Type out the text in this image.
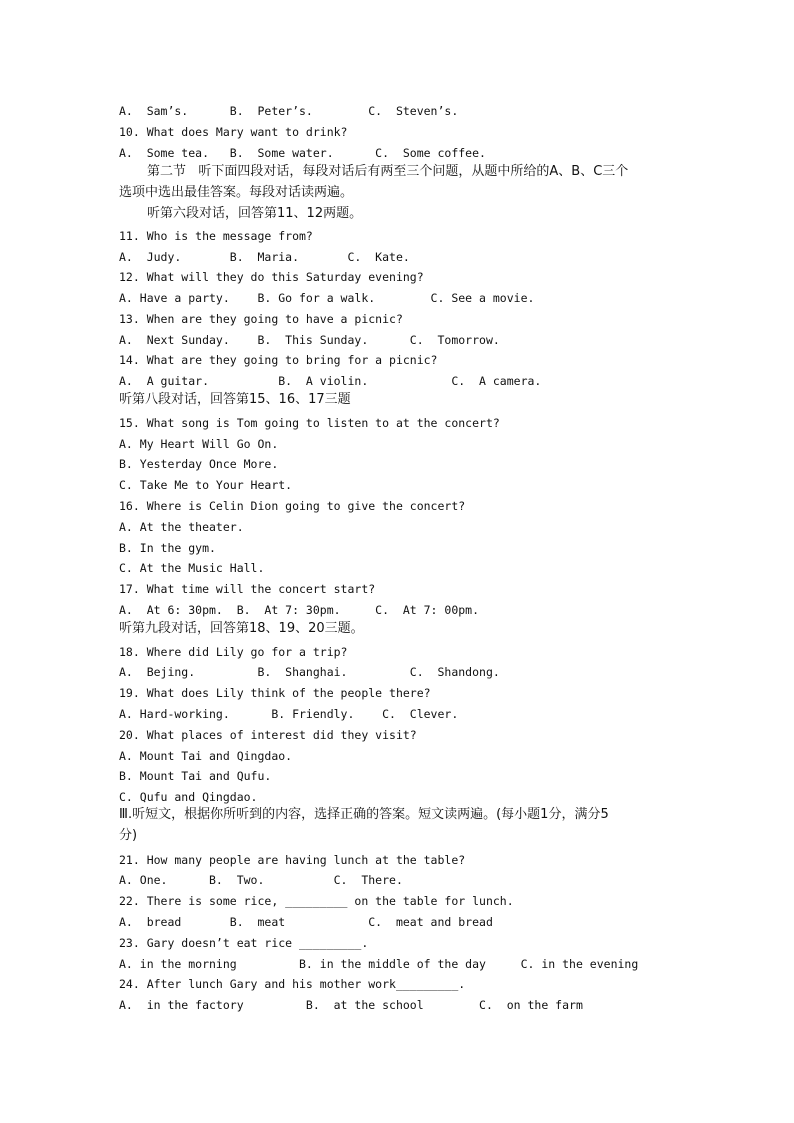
A.  Sam’s.      B.  Peter’s.        C.  Steven’s.
10. What does Mary want to drink?
A.  Some tea.   B.  Some water.      C.  Some coffee.
第二节   听下面四段对话，每段对话后有两至三个问题，从题中所给的A、B、C三个
选项中选出最佳答案。每段对话读两遍。
听第六段对话，回答第11、12两题。
11. Who is the message from?
A.  Judy.       B.  Maria.       C.  Kate.
12. What will they do this Saturday evening?
A. Have a party.    B. Go for a walk.        C. See a movie.
13. When are they going to have a picnic?
A.  Next Sunday.    B.  This Sunday.      C.  Tomorrow.
14. What are they going to bring for a picnic?
A.  A guitar.          B.  A violin.            C.  A camera.
听第八段对话，回答第15、16、17三题
15. What song is Tom going to listen to at the concert?
A. My Heart Will Go On.
B. Yesterday Once More.
C. Take Me to Your Heart.
16. Where is Celin Dion going to give the concert?
A. At the theater.
B. In the gym.
C. At the Music Hall.
17. What time will the concert start?
A.  At 6: 30pm.  B.  At 7: 30pm.     C.  At 7: 00pm.
听第九段对话，回答第18、19、20三题。
18. Where did Lily go for a trip?
A.  Bejing.         B.  Shanghai.         C.  Shandong.
19. What does Lily think of the people there?
A. Hard-working.      B. Friendly.    C.  Clever.
20. What places of interest did they visit?
A. Mount Tai and Qingdao.
B. Mount Tai and Qufu.
C. Qufu and Qingdao.
Ⅲ.听短文，根据你所听到的内容，选择正确的答案。短文读两遍。(每小题1分，满分5
分)
21. How many people are having lunch at the table?
A. One.      B.  Two.          C.  There.
22. There is some rice, _________ on the table for lunch.
A.  bread       B.  meat            C.  meat and bread
23. Gary doesn’t eat rice _________.
A. in the morning         B. in the middle of the day     C. in the evening
24. After lunch Gary and his mother work_________.
A.  in the factory         B.  at the school        C.  on the farm
